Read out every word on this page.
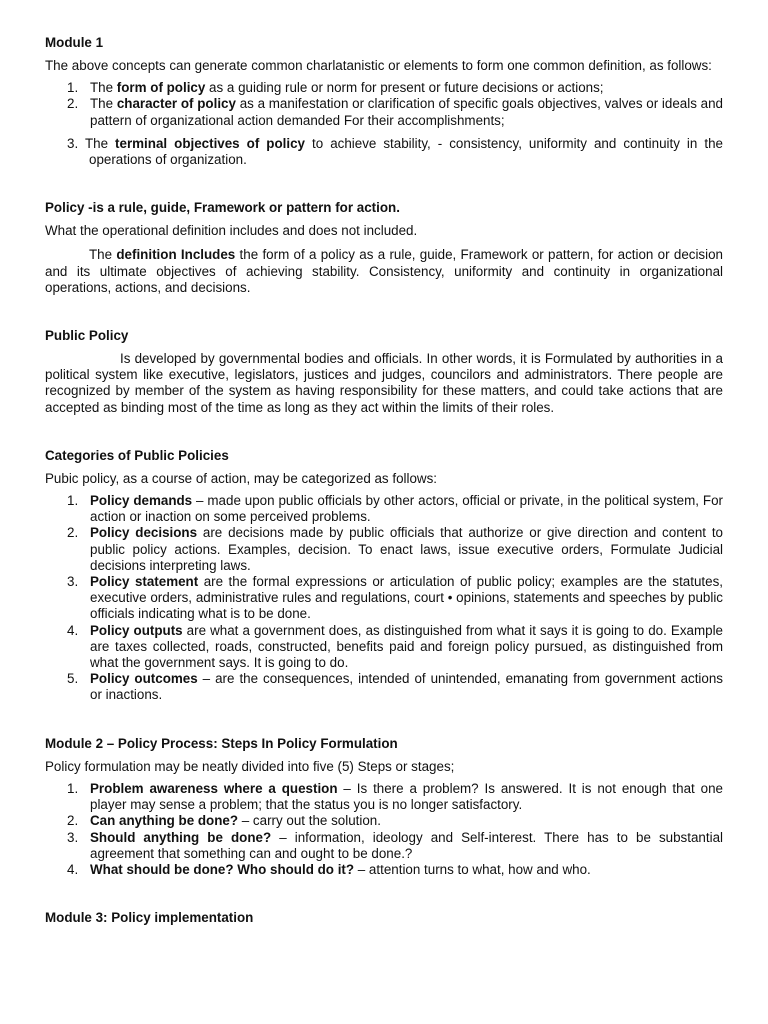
Module 1

The above concepts can generate common charlatanistic or elements to form one common definition, as follows:

1. The form of policy as a guiding rule or norm for present or future decisions or actions;
2. The character of policy as a manifestation or clarification of specific goals objectives, valves or ideals and pattern of organizational action demanded For their accomplishments;

3. The terminal objectives of policy to achieve stability, - consistency, uniformity and continuity in the operations of organization.

Policy -is a rule, guide, Framework or pattern for action.

What the operational definition includes and does not included.

The definition Includes the form of a policy as a rule, guide, Framework or pattern, for action or decision and its ultimate objectives of achieving stability. Consistency, uniformity and continuity in organizational operations, actions, and decisions.

Public Policy

Is developed by governmental bodies and officials. In other words, it is Formulated by authorities in a political system like executive, legislators, justices and judges, councilors and administrators. There people are recognized by member of the system as having responsibility for these matters, and could take actions that are accepted as binding most of the time as long as they act within the limits of their roles.

Categories of Public Policies

Pubic policy, as a course of action, may be categorized as follows:

1. Policy demands – made upon public officials by other actors, official or private, in the political system, For action or inaction on some perceived problems.
2. Policy decisions are decisions made by public officials that authorize or give direction and content to public policy actions. Examples, decision. To enact laws, issue executive orders, Formulate Judicial decisions interpreting laws.
3. Policy statement are the formal expressions or articulation of public policy; examples are the statutes, executive orders, administrative rules and regulations, court • opinions, statements and speeches by public officials indicating what is to be done.
4. Policy outputs are what a government does, as distinguished from what it says it is going to do. Example are taxes collected, roads, constructed, benefits paid and foreign policy pursued, as distinguished from what the government says. It is going to do.
5. Policy outcomes – are the consequences, intended of unintended, emanating from government actions or inactions.
Module 2 – Policy Process: Steps In Policy Formulation

Policy formulation may be neatly divided into five (5) Steps or stages;

1. Problem awareness where a question – Is there a problem? Is answered. It is not enough that one player may sense a problem; that the status you is no longer satisfactory.
2. Can anything be done? – carry out the solution.
3. Should anything be done? – information, ideology and Self-interest. There has to be substantial agreement that something can and ought to be done.?
4. What should be done? Who should do it? – attention turns to what, how and who.
Module 3: Policy implementation
